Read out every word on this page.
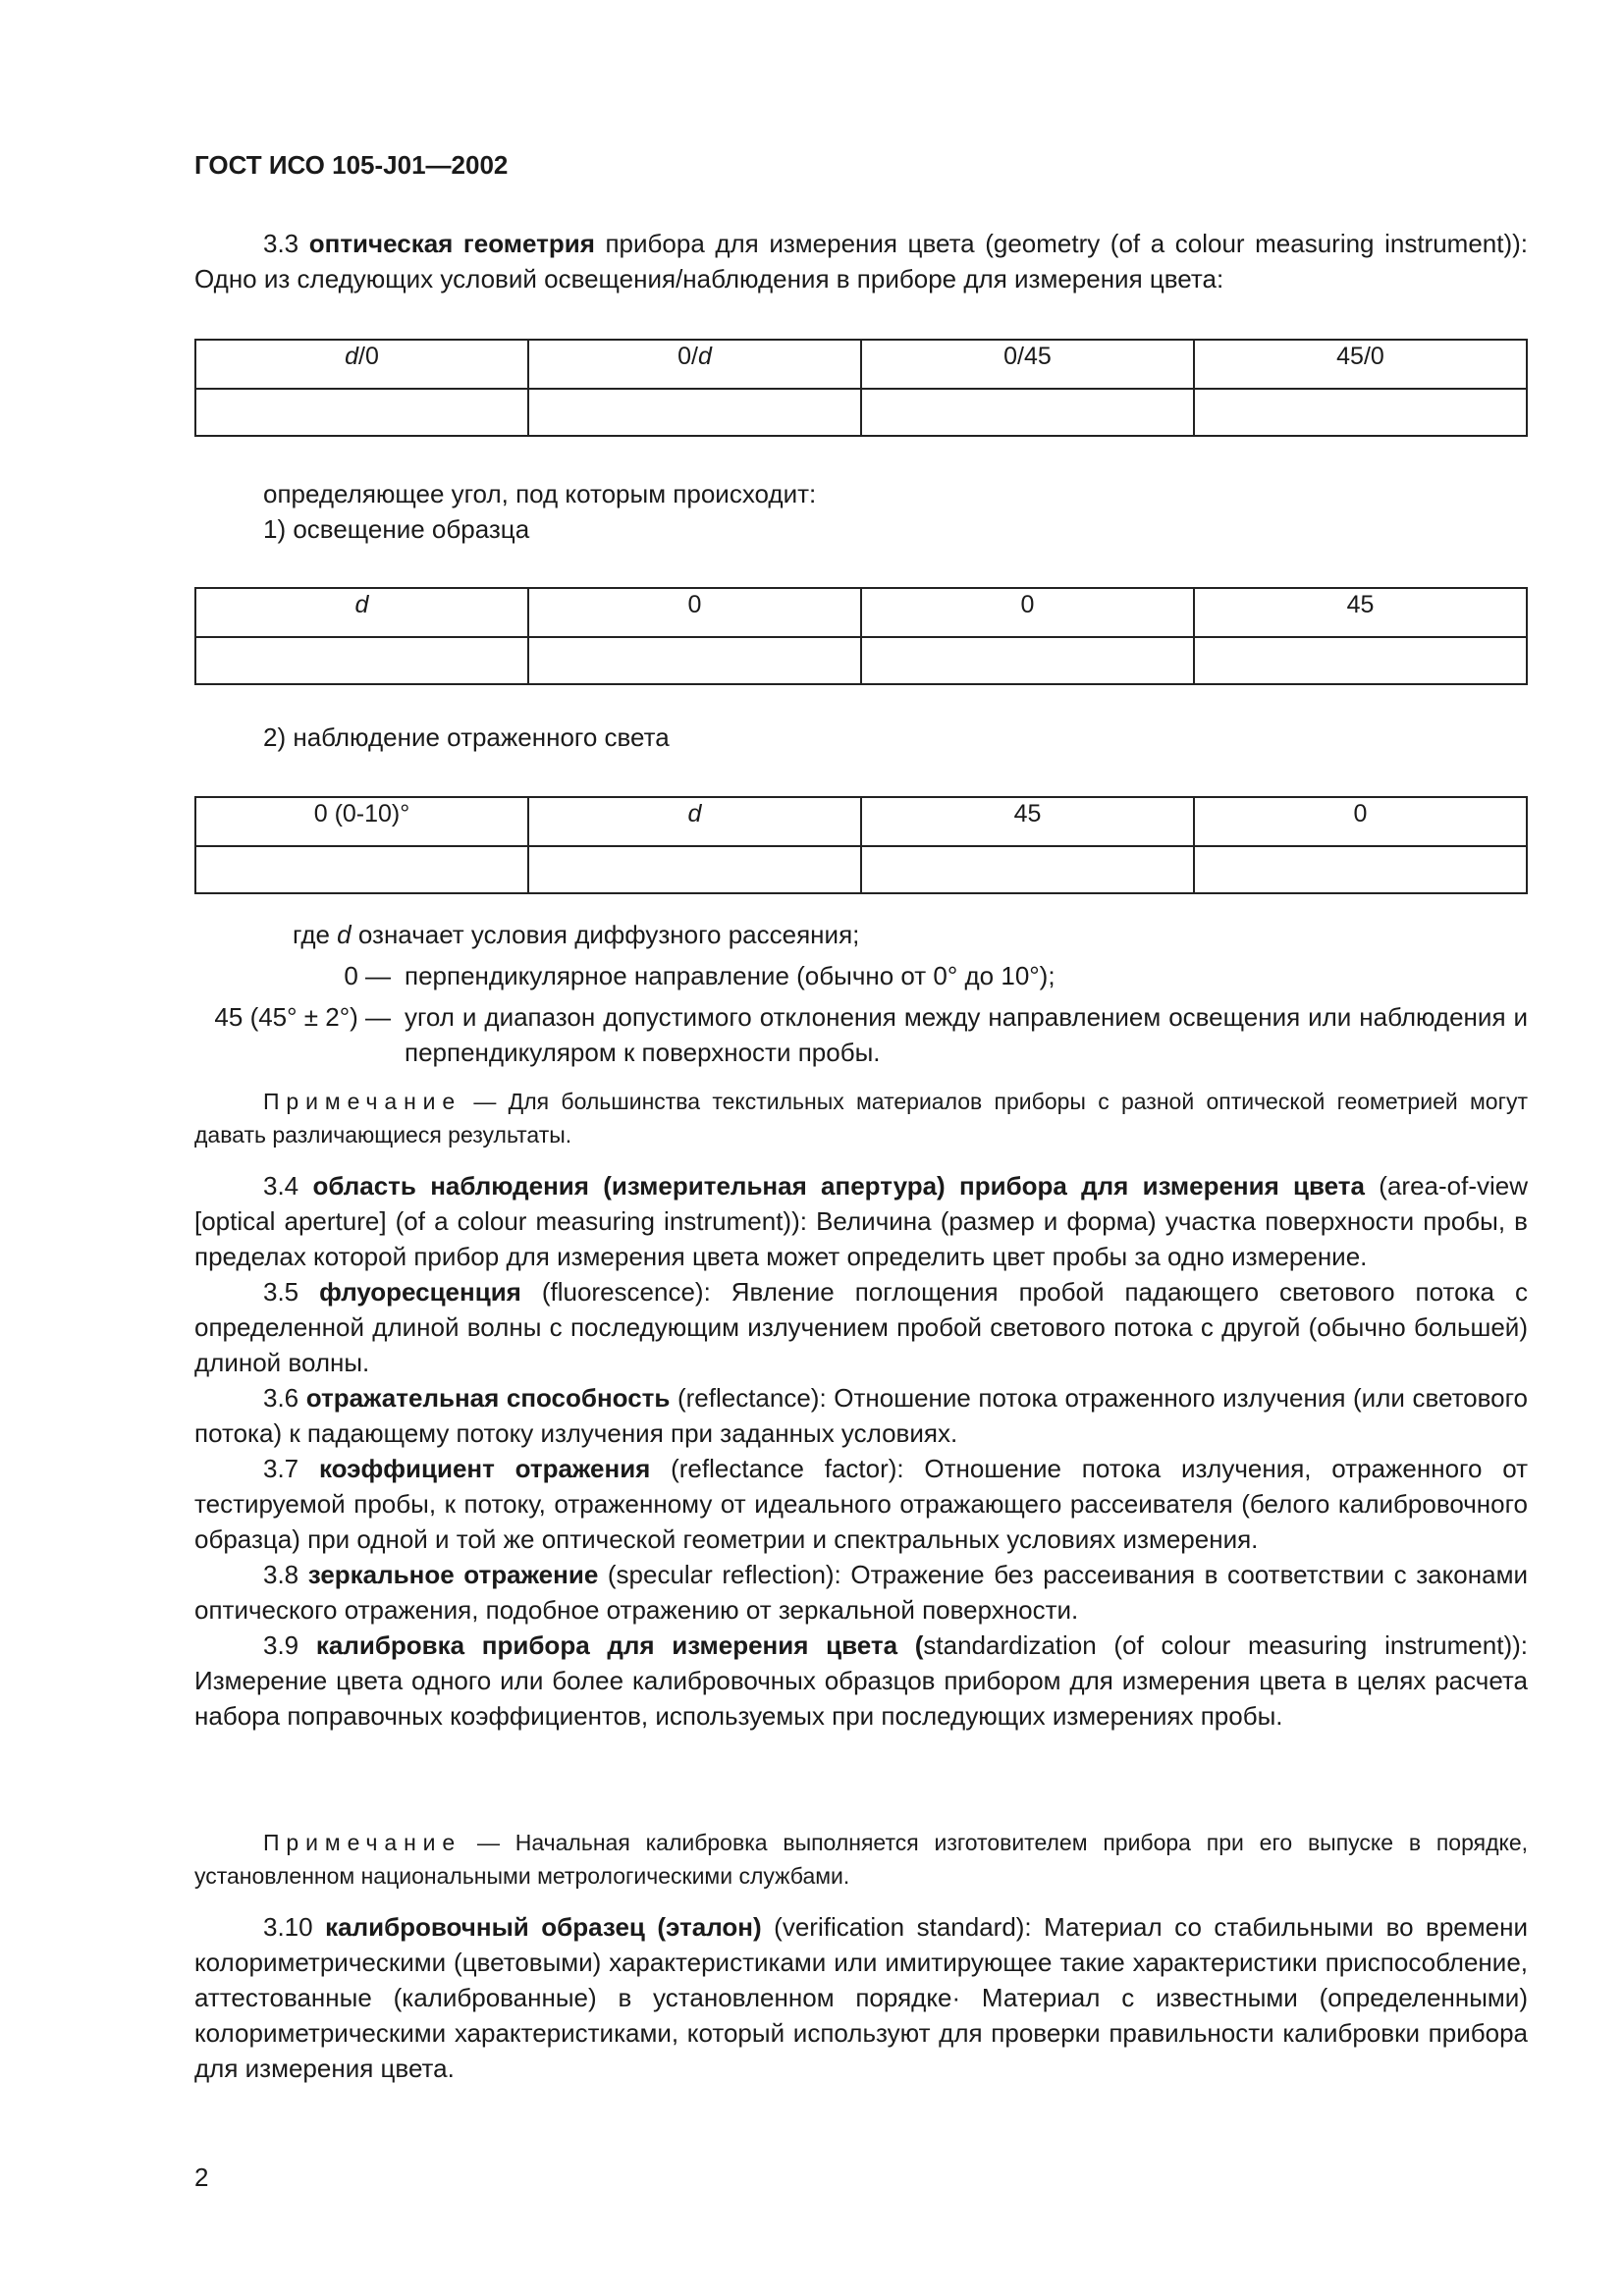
ГОСТ ИСО 105-J01—2002

3.3 оптическая геометрия прибора для измерения цвета (geometry (of a colour measuring instrument)): Одно из следующих условий освещения/наблюдения в приборе для измерения цвета:

d/0	0/d	0/45	45/0

определяющее угол, под которым происходит:
1) освещение образца
d	0	0	45

2) наблюдение отраженного света
0 (0-10)°	d	45	0

где d означает условия диффузного рассеяния;
0 — перпендикулярное направление (обычно от 0° до 10°);
45 (45° ± 2°) — угол и диапазон допустимого отклонения между направлением освещения или наблюдения и перпендикуляром к поверхности пробы.

Примечание — Для большинства текстильных материалов приборы с разной оптической геометрией могут давать различающиеся результаты.

3.4 область наблюдения (измерительная апертура) прибора для измерения цвета (area-of-view [optical aperture] (of a colour measuring instrument)): Величина (размер и форма) участка поверхности пробы, в пределах которой прибор для измерения цвета может определить цвет пробы за одно измерение.

3.5 флуоресценция (fluorescence): Явление поглощения пробой падающего светового потока с определенной длиной волны с последующим излучением пробой светового потока с другой (обычно большей) длиной волны.

3.6 отражательная способность (reflectance): Отношение потока отраженного излучения (или светового потока) к падающему потоку излучения при заданных условиях.

3.7 коэффициент отражения (reflectance factor): Отношение потока излучения, отраженного от тестируемой пробы, к потоку, отраженному от идеального отражающего рассеивателя (белого калибровочного образца) при одной и той же оптической геометрии и спектральных условиях измерения.

3.8 зеркальное отражение (specular reflection): Отражение без рассеивания в соответствии с законами оптического отражения, подобное отражению от зеркальной поверхности.

3.9 калибровка прибора для измерения цвета (standardization (of colour measuring instrument)): Измерение цвета одного или более калибровочных образцов прибором для измерения цвета в целях расчета набора поправочных коэффициентов, используемых при последующих измерениях пробы.

Примечание — Начальная калибровка выполняется изготовителем прибора при его выпуске в порядке, установленном национальными метрологическими службами.

3.10 калибровочный образец (эталон) (verification standard): Материал со стабильными во времени колориметрическими (цветовыми) характеристиками или имитирующее такие характеристики приспособление, аттестованные (калиброванные) в установленном порядке· Материал с известными (определенными) колориметрическими характеристиками, который используют для проверки правильности калибровки прибора для измерения цвета.

2
